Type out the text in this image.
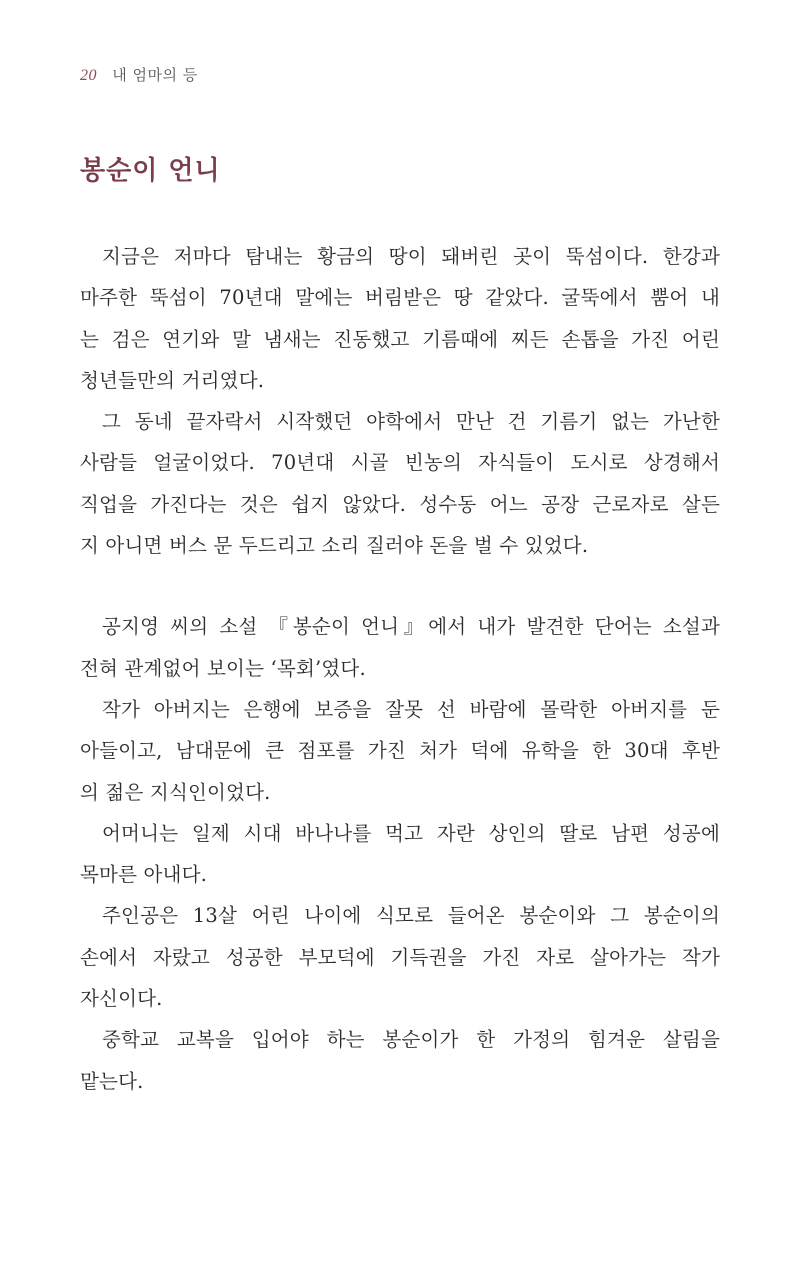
20 내 엄마의 등
봉순이 언니
지금은 저마다 탐내는 황금의 땅이 돼버린 곳이 뚝섬이다. 한강과
마주한 뚝섬이 70년대 말에는 버림받은 땅 같았다. 굴뚝에서 뿜어 내
는 검은 연기와 말 냄새는 진동했고 기름때에 찌든 손톱을 가진 어린
청년들만의 거리였다.
그 동네 끝자락서 시작했던 야학에서 만난 건 기름기 없는 가난한
사람들 얼굴이었다. 70년대 시골 빈농의 자식들이 도시로 상경해서
직업을 가진다는 것은 쉽지 않았다. 성수동 어느 공장 근로자로 살든
지 아니면 버스 문 두드리고 소리 질러야 돈을 벌 수 있었다.
공지영 씨의 소설 『봉순이 언니』에서 내가 발견한 단어는 소설과
전혀 관계없어 보이는 ‘목회’였다.
작가 아버지는 은행에 보증을 잘못 선 바람에 몰락한 아버지를 둔
아들이고, 남대문에 큰 점포를 가진 처가 덕에 유학을 한 30대 후반
의 젊은 지식인이었다.
어머니는 일제 시대 바나나를 먹고 자란 상인의 딸로 남편 성공에
목마른 아내다.
주인공은 13살 어린 나이에 식모로 들어온 봉순이와 그 봉순이의
손에서 자랐고 성공한 부모덕에 기득권을 가진 자로 살아가는 작가
자신이다.
중학교 교복을 입어야 하는 봉순이가 한 가정의 힘겨운 살림을
맡는다.
